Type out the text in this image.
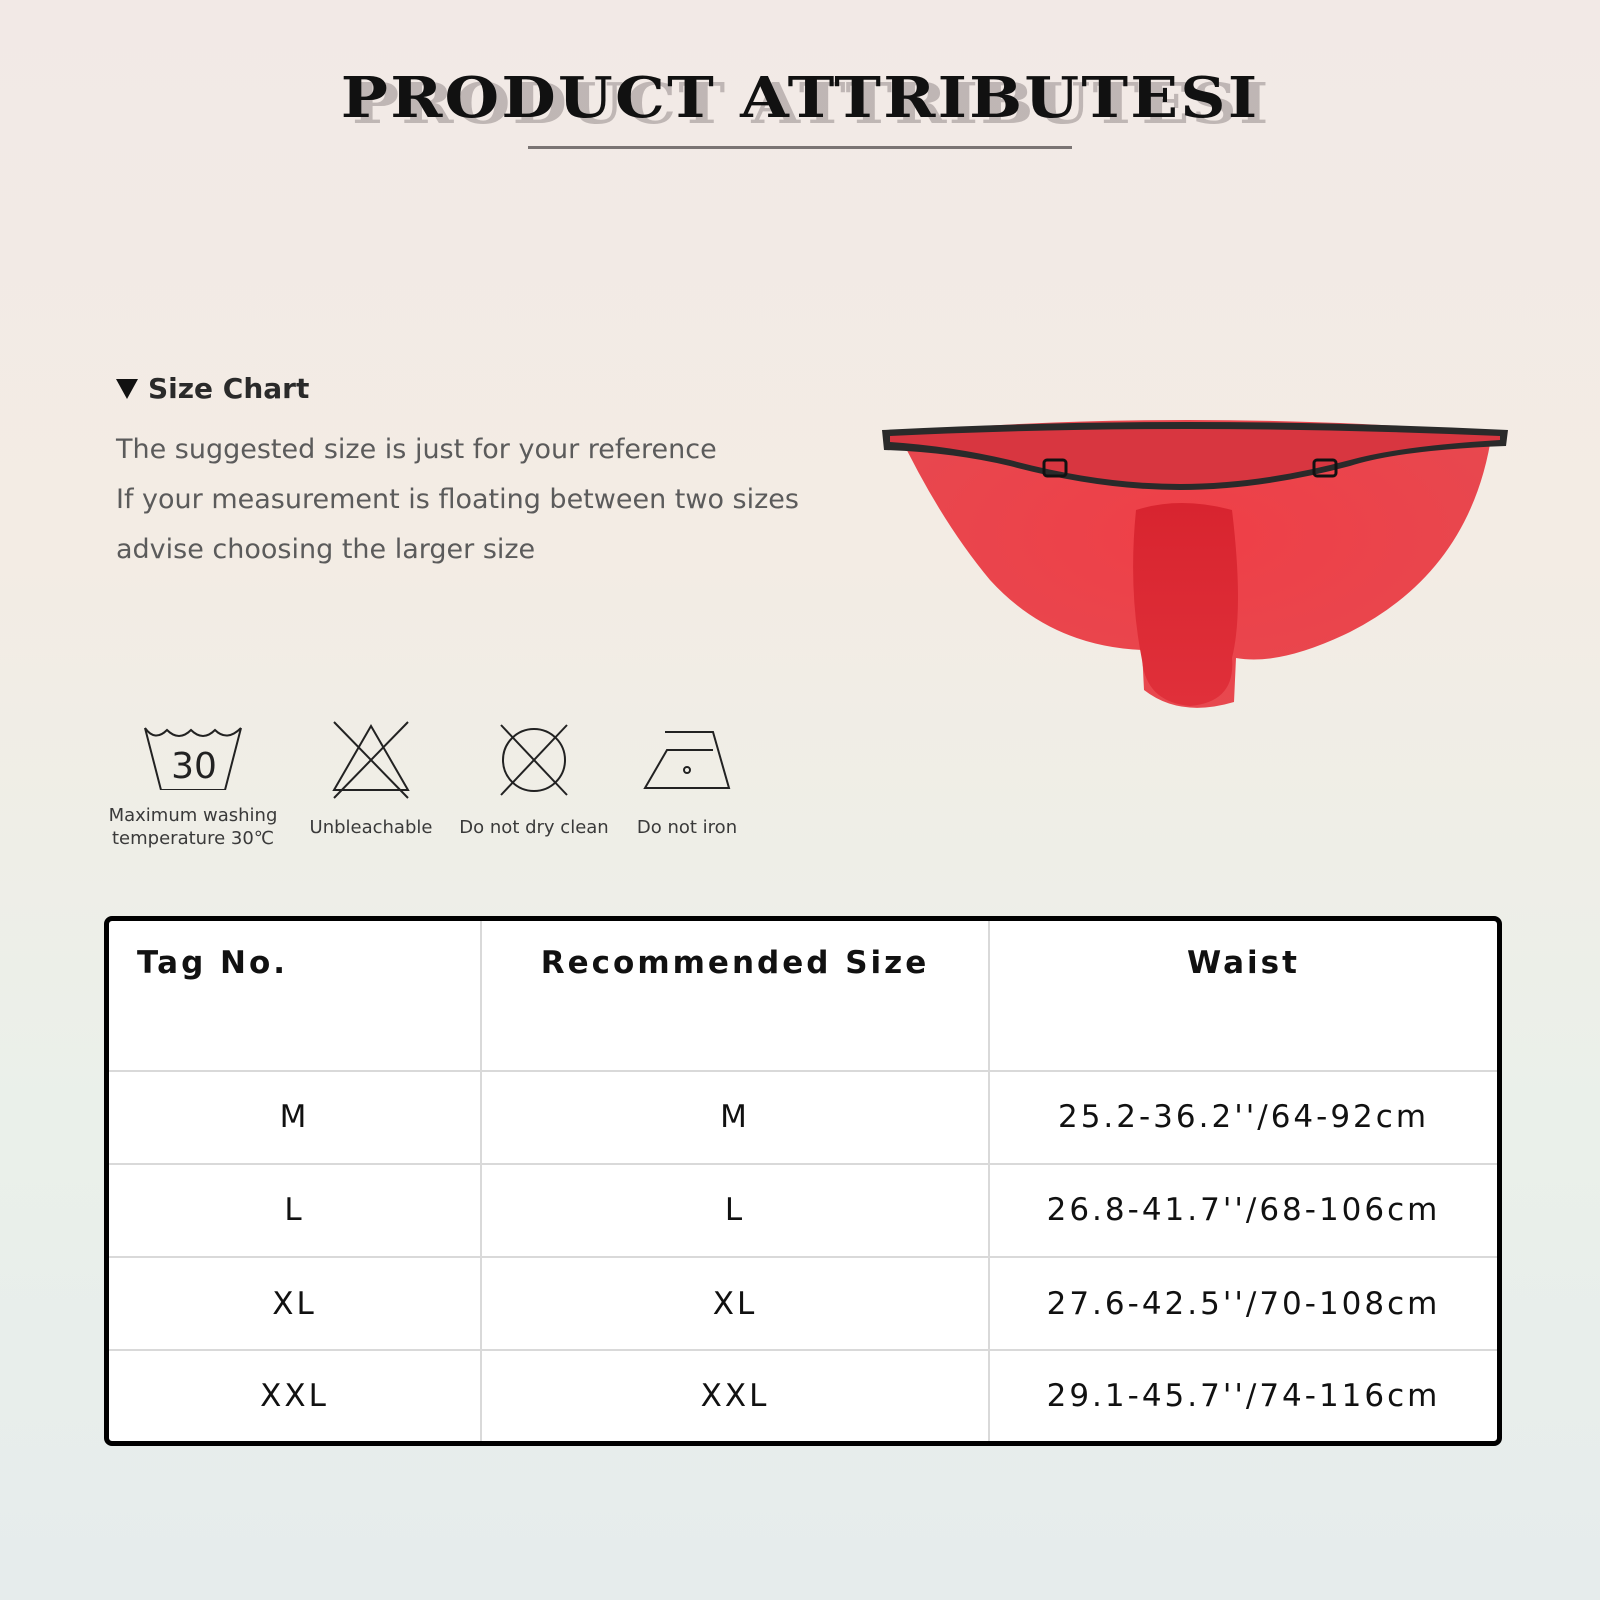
PRODUCT ATTRIBUTESI
Size Chart
The suggested size is just for your reference
If your measurement is floating between two sizes
advise choosing the larger size
30
Maximum washing
temperature 30℃
Unbleachable	Do not dry clean	Do not iron
Tag No.	Recommended Size	Waist
M	M	25.2-36.2''/64-92cm
L	L	26.8-41.7''/68-106cm
XL	XL	27.6-42.5''/70-108cm
XXL	XXL	29.1-45.7''/74-116cm
